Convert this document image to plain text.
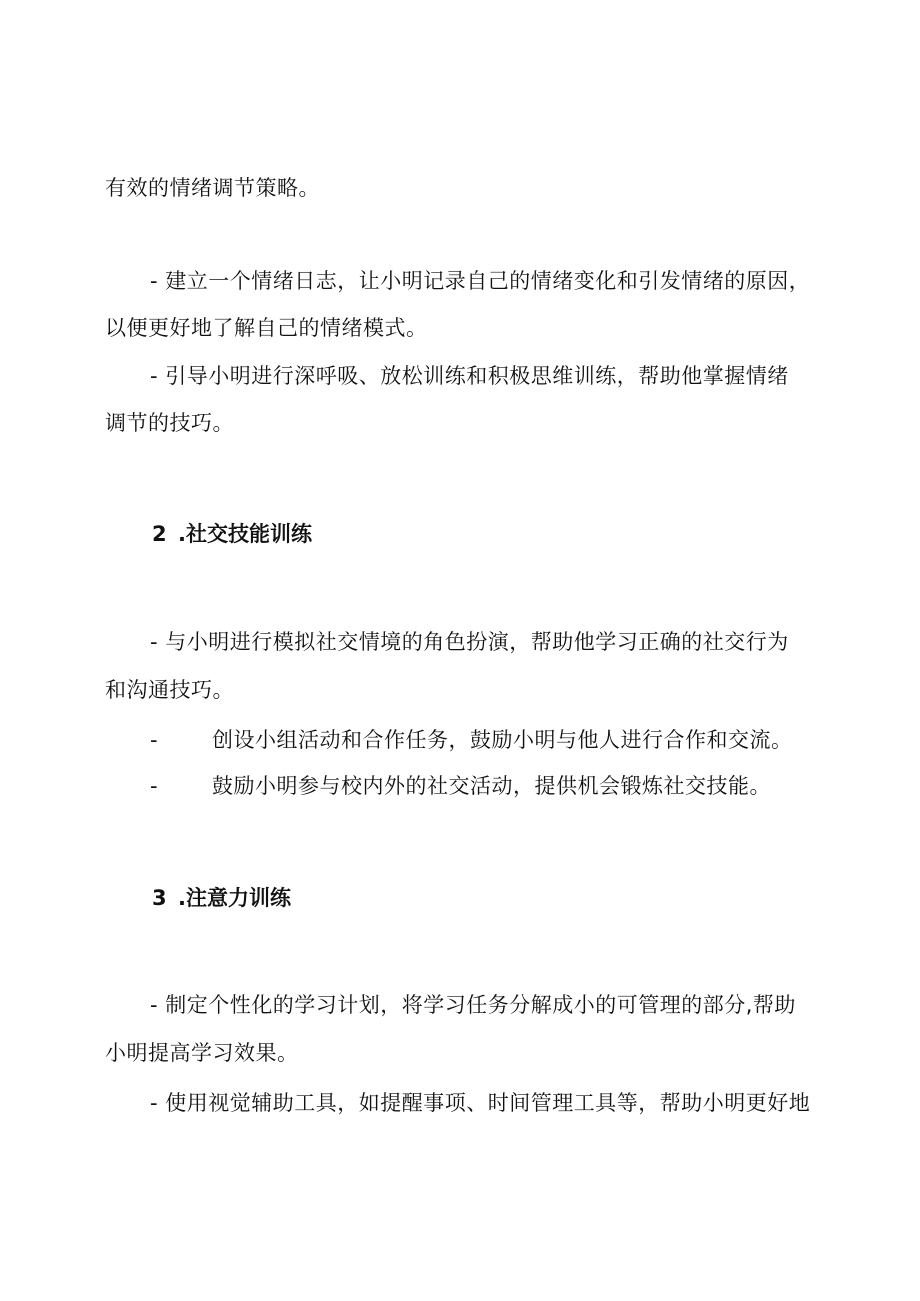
有效的情绪调节策略。
- 建立一个情绪日志，让小明记录自己的情绪变化和引发情绪的原因，
以便更好地了解自己的情绪模式。
- 引导小明进行深呼吸、放松训练和积极思维训练，帮助他掌握情绪
调节的技巧。
2 .社交技能训练
- 与小明进行模拟社交情境的角色扮演，帮助他学习正确的社交行为
和沟通技巧。
-	创设小组活动和合作任务，鼓励小明与他人进行合作和交流。
-	鼓励小明参与校内外的社交活动，提供机会锻炼社交技能。
3 .注意力训练
- 制定个性化的学习计划，将学习任务分解成小的可管理的部分,帮助
小明提高学习效果。
- 使用视觉辅助工具，如提醒事项、时间管理工具等，帮助小明更好地
